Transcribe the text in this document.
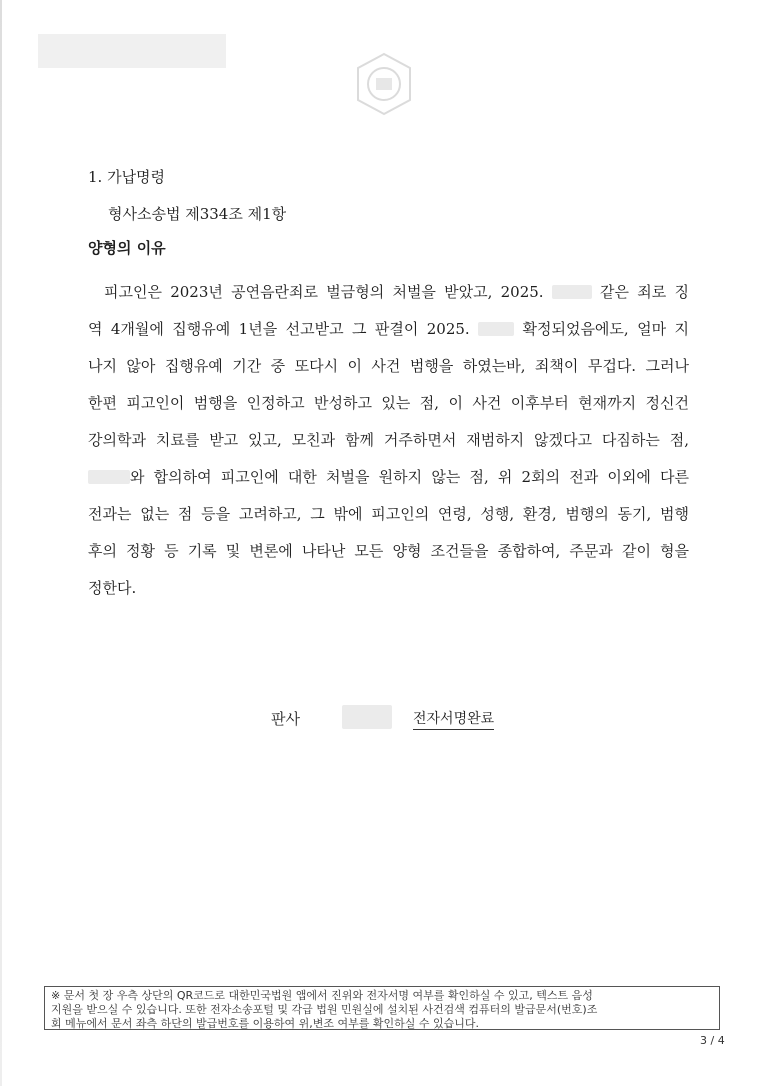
1. 가납명령
형사소송법 제334조 제1항
양형의 이유
피고인은 2023년 공연음란죄로 벌금형의 처벌을 받았고, 2025.	같은 죄로 징
역 4개월에 집행유예 1년을 선고받고 그 판결이 2025.	확정되었음에도, 얼마 지
나지 않아 집행유예 기간 중 또다시 이 사건 범행을 하였는바, 죄책이 무겁다. 그러나
한편 피고인이 범행을 인정하고 반성하고 있는 점, 이 사건 이후부터 현재까지 정신건
강의학과 치료를 받고 있고, 모친과 함께 거주하면서 재범하지 않겠다고 다짐하는 점,
와 합의하여 피고인에 대한 처벌을 원하지 않는 점, 위 2회의 전과 이외에 다른
전과는 없는 점 등을 고려하고, 그 밖에 피고인의 연령, 성행, 환경, 범행의 동기, 범행
후의 정황 등 기록 및 변론에 나타난 모든 양형 조건들을 종합하여, 주문과 같이 형을
정한다.
판사	전자서명완료
※ 문서 첫 장 우측 상단의 QR코드로 대한민국법원 앱에서 진위와 전자서명 여부를 확인하실 수 있고, 텍스트 음성
지원을 받으실 수 있습니다. 또한 전자소송포털 및 각급 법원 민원실에 설치된 사건검색 컴퓨터의 발급문서(번호)조
회 메뉴에서 문서 좌측 하단의 발급번호를 이용하여 위,변조 여부를 확인하실 수 있습니다.
3 / 4
